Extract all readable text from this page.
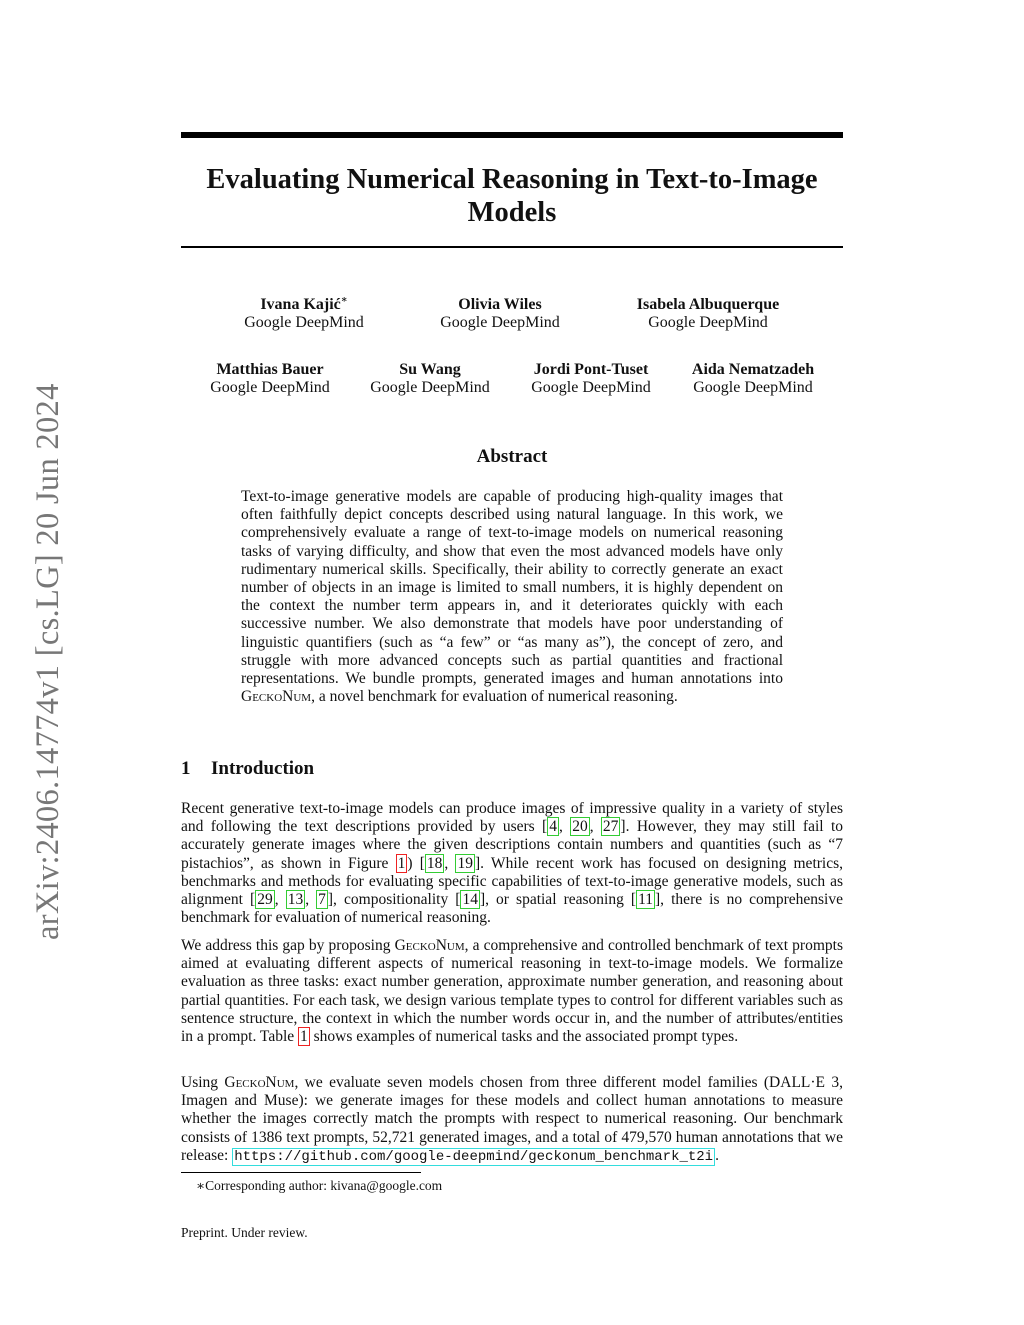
arXiv:2406.14774v1 [cs.LG] 20 Jun 2024
Evaluating Numerical Reasoning in Text-to-Image Models
Ivana Kajić∗
Google DeepMind
Olivia Wiles
Google DeepMind
Isabela Albuquerque
Google DeepMind
Matthias Bauer
Google DeepMind
Su Wang
Google DeepMind
Jordi Pont-Tuset
Google DeepMind
Aida Nematzadeh
Google DeepMind
Abstract

Text-to-image generative models are capable of producing high-quality images that often faithfully depict concepts described using natural language. In this work, we comprehensively evaluate a range of text-to-image models on numerical reasoning tasks of varying difficulty, and show that even the most advanced models have only rudimentary numerical skills. Specifically, their ability to correctly generate an exact number of objects in an image is limited to small numbers, it is highly dependent on the context the number term appears in, and it deteriorates quickly with each successive number. We also demonstrate that models have poor understanding of linguistic quantifiers (such as “a few” or “as many as”), the concept of zero, and struggle with more advanced concepts such as partial quantities and fractional representations. We bundle prompts, generated images and human annotations into GeckoNum, a novel benchmark for evaluation of numerical reasoning.

1 Introduction

Recent generative text-to-image models can produce images of impressive quality in a variety of styles and following the text descriptions provided by users [ 4 , 20 , 27 ]. However, they may still fail to accurately generate images where the given descriptions contain numbers and quantities (such as “7 pistachios”, as shown in Figure 1 ) [ 18 , 19 ]. While recent work has focused on designing metrics, benchmarks and methods for evaluating specific capabilities of text-to-image generative models, such as alignment [ 29 , 13 , 7 ], compositionality [ 14 ], or spatial reasoning [ 11 ], there is no comprehensive benchmark for evaluation of numerical reasoning.

We address this gap by proposing GeckoNum, a comprehensive and controlled benchmark of text prompts aimed at evaluating different aspects of numerical reasoning in text-to-image models. We formalize evaluation as three tasks: exact number generation, approximate number generation, and reasoning about partial quantities. For each task, we design various template types to control for different variables such as sentence structure, the context in which the number words occur in, and the number of attributes/entities in a prompt. Table 1 shows examples of numerical tasks and the associated prompt types.

Using GeckoNum, we evaluate seven models chosen from three different model families (DALL·E 3, Imagen and Muse): we generate images for these models and collect human annotations to measure whether the images correctly match the prompts with respect to numerical reasoning. Our benchmark consists of 1386 text prompts, 52,721 generated images, and a total of 479,570 human annotations that we release: https://github.com/google-deepmind/geckonum_benchmark_t2i .

∗Corresponding author: kivana@google.com
Preprint. Under review.
